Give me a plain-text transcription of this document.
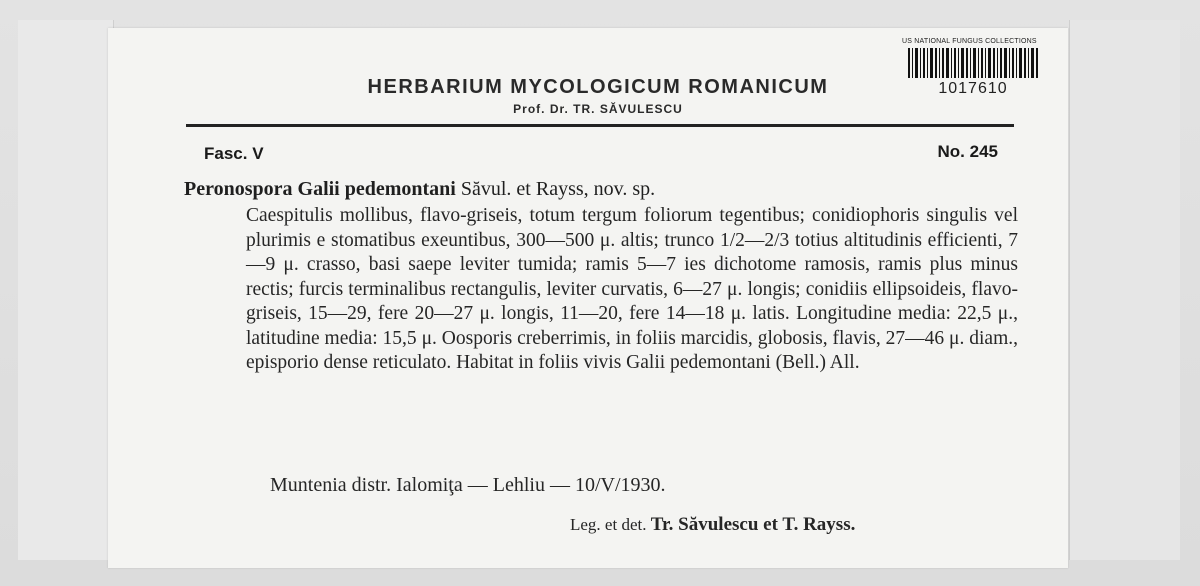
US NATIONAL FUNGUS COLLECTIONS
1017610
HERBARIUM MYCOLOGICUM ROMANICUM
Prof. Dr. TR. SĂVULESCU
Fasc. V	No. 245
Peronospora Galii pedemontani Săvul. et Rayss, nov. sp.
Caespitulis mollibus, flavo-griseis, totum tergum foliorum tegentibus; conidiophoris singulis vel plurimis e stomatibus exeuntibus, 300—500 μ. altis; trunco 1/2—2/3 totius altitudinis efficienti, 7—9 μ. crasso, basi saepe leviter tumida; ramis 5—7 ies dichotome ramosis, ramis plus minus rectis; furcis terminalibus rectangulis, leviter curvatis, 6—27 μ. longis; conidiis ellipsoideis, flavo-griseis, 15—29, fere 20—27 μ. longis, 11—20, fere 14—18 μ. latis. Longitudine media: 22,5 μ., latitudine media: 15,5 μ. Oosporis creberrimis, in foliis marcidis, globosis, flavis, 27—46 μ. diam., episporio dense reticulato. Habitat in foliis vivis Galii pedemontani (Bell.) All.
Muntenia distr. Ialomiţa — Lehliu — 10/V/1930.
Leg. et det. Tr. Săvulescu et T. Rayss.
